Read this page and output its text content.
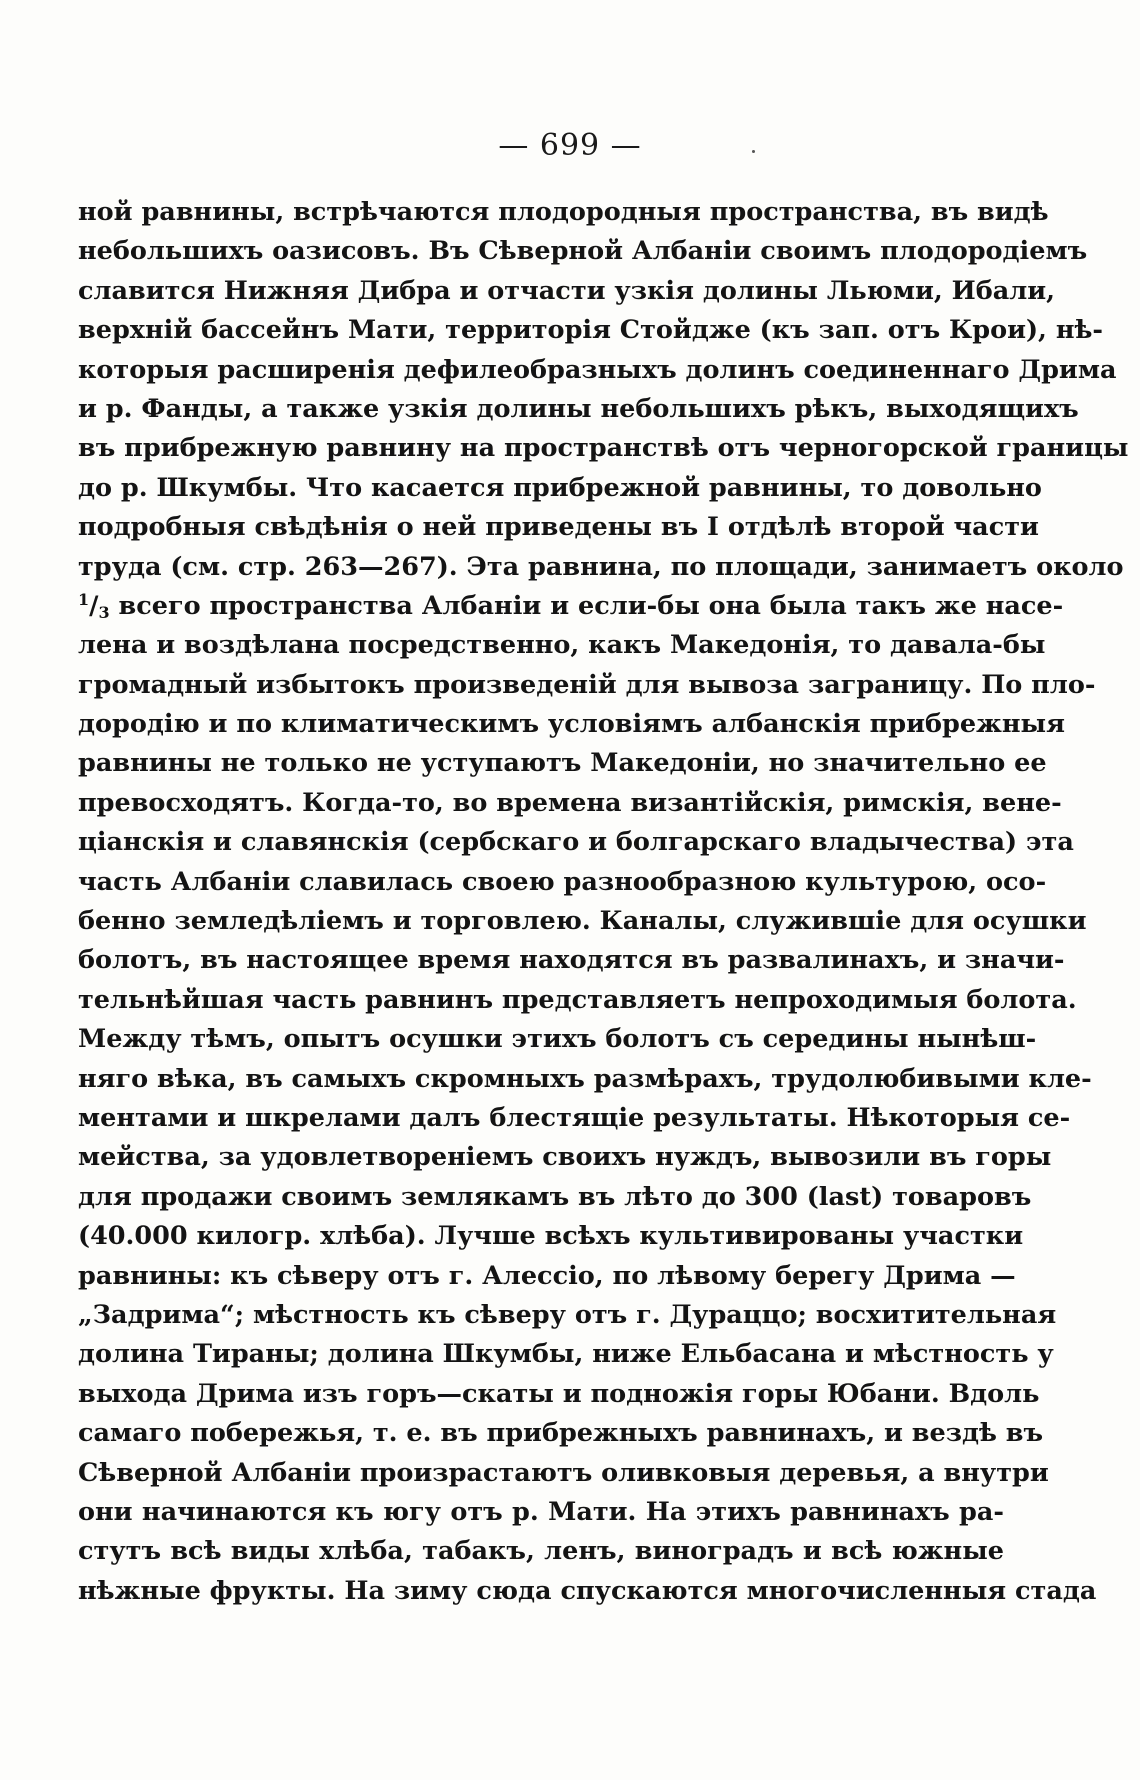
— 699 —
ной равнины, встрѣчаются плодородныя пространства, въ видѣ
небольшихъ оазисовъ. Въ Сѣверной Албаніи своимъ плодородіемъ
славится Нижняя Дибра и отчасти узкія долины Льюми, Ибали,
верхній бассейнъ Мати, территорія Стойдже (къ зап. отъ Крои), нѣ-
которыя расширенія дефилеобразныхъ долинъ соединеннаго Дрима
и р. Фанды, а также узкія долины небольшихъ рѣкъ, выходящихъ
въ прибрежную равнину на пространствѣ отъ черногорской границы
до р. Шкумбы. Что касается прибрежной равнины, то довольно
подробныя свѣдѣнія о ней приведены въ I отдѣлѣ второй части
труда (см. стр. 263—267). Эта равнина, по площади, занимаетъ около
$^1/_3$ всего пространства Албаніи и если-бы она была такъ же насе-
лена и воздѣлана посредственно, какъ Македонія, то давала-бы
громадный избытокъ произведеній для вывоза заграницу. По пло-
дородію и по климатическимъ условіямъ албанскія прибрежныя
равнины не только не уступаютъ Македоніи, но значительно ее
превосходятъ. Когда-то, во времена византійскія, римскія, вене-
ціанскія и славянскія (сербскаго и болгарскаго владычества) эта
часть Албаніи славилась своею разнообразною культурою, осо-
бенно земледѣліемъ и торговлею. Каналы, служившіе для осушки
болотъ, въ настоящее время находятся въ развалинахъ, и значи-
тельнѣйшая часть равнинъ представляетъ непроходимыя болота.
Между тѣмъ, опытъ осушки этихъ болотъ съ середины нынѣш-
няго вѣка, въ самыхъ скромныхъ размѣрахъ, трудолюбивыми кле-
ментами и шкрелами далъ блестящіе результаты. Нѣкоторыя се-
мейства, за удовлетвореніемъ своихъ нуждъ, вывозили въ горы
для продажи своимъ землякамъ въ лѣто до 300 (last) товаровъ
(40.000 килогр. хлѣба). Лучше всѣхъ культивированы участки
равнины: къ сѣверу отъ г. Алессіо, по лѣвому берегу Дрима —
„Задрима“; мѣстность къ сѣверу отъ г. Дураццо; восхитительная
долина Тираны; долина Шкумбы, ниже Ельбасана и мѣстность у
выхода Дрима изъ горъ—скаты и подножія горы Юбани. Вдоль
самаго побережья, т. е. въ прибрежныхъ равнинахъ, и вездѣ въ
Сѣверной Албаніи произрастаютъ оливковыя деревья, а внутри
они начинаются къ югу отъ р. Мати. На этихъ равнинахъ ра-
стутъ всѣ виды хлѣба, табакъ, ленъ, виноградъ и всѣ южные
нѣжные фрукты. На зиму сюда спускаются многочисленныя стада
